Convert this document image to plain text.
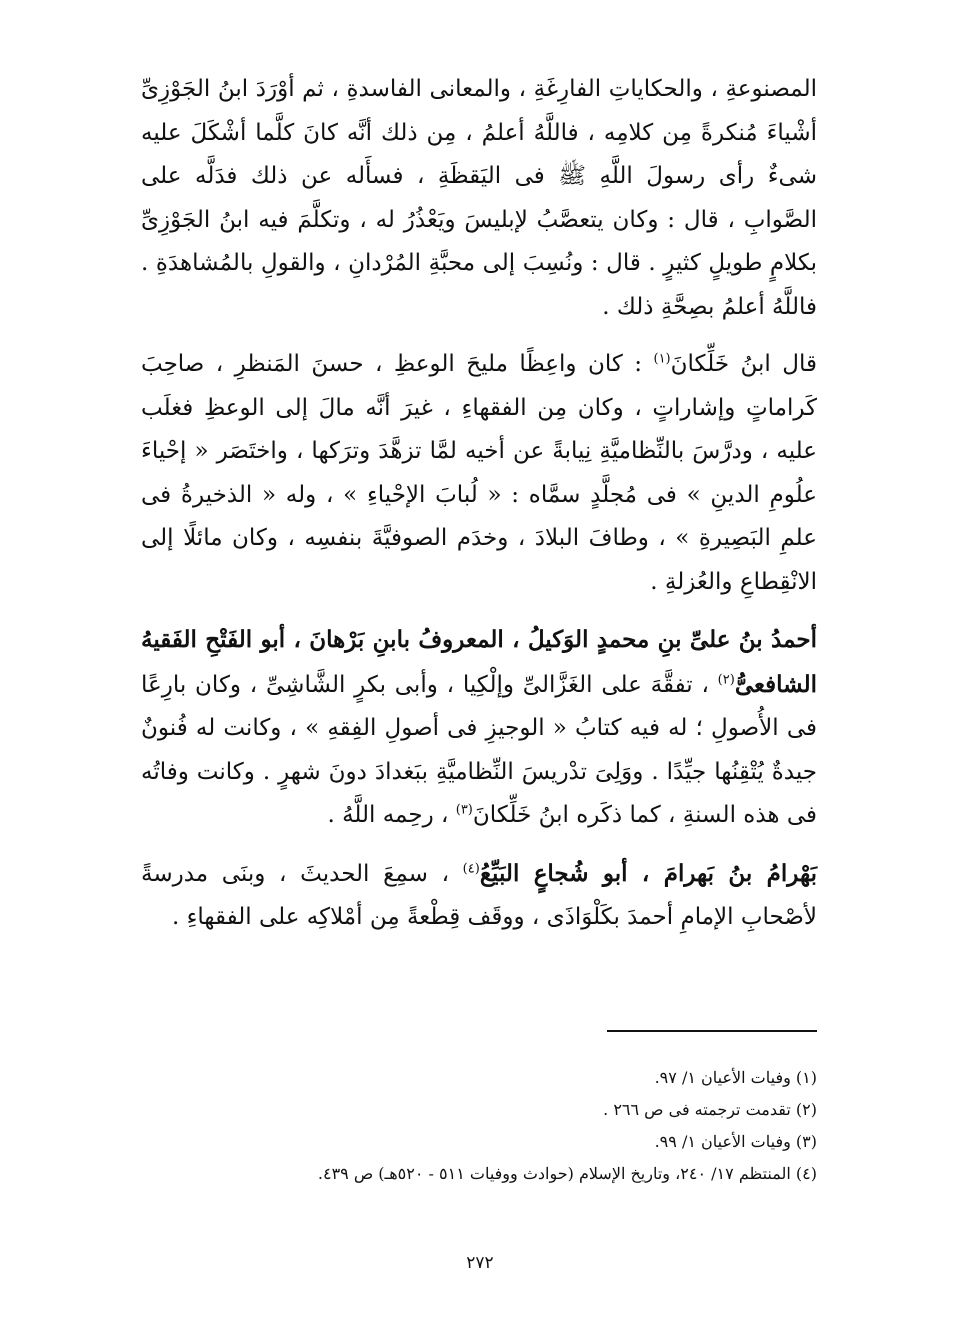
المصنوعةِ ، والحكاياتِ الفارِغَةِ ، والمعانى الفاسدةِ ، ثم أوْرَدَ ابنُ الجَوْزِىِّ أشْياءَ مُنكرةً مِن كلامِه ، فاللَّهُ أعلمُ ، مِن ذلك أنَّه كانَ كلَّما أشْكَلَ عليه شىءٌ رأى رسولَ اللَّهِ ﷺ فى اليَقظَةِ ، فسأَله عن ذلك فدَلَّه على الصَّوابِ ، قال : وكان يتعصَّبُ لإبليسَ ويَعْذُرُ له ، وتكلَّمَ فيه ابنُ الجَوْزِىِّ بكلامٍ طويلٍ كثيرٍ . قال : ونُسِبَ إلى محبَّةِ المُرْدانِ ، والقولِ بالمُشاهدَةِ . فاللَّهُ أعلمُ بصِحَّةِ ذلك .

قال ابنُ خَلِّكانَ$^{(١)}$ : كان واعِظًا مليحَ الوعظِ ، حسنَ المَنظرِ ، صاحِبَ كَراماتٍ وإشاراتٍ ، وكان مِن الفقهاءِ ، غيرَ أنَّه مالَ إلى الوعظِ فغلَب عليه ، ودرَّسَ بالنِّظاميَّةِ نِيابةً عن أخيه لمَّا تزهَّدَ وترَكها ، واختَصَر « إحْياءَ علُومِ الدينِ » فى مُجلَّدٍ سمَّاه : « لُبابَ الإحْياءِ » ، وله « الذخيرةُ فى علمِ البَصِيرةِ » ، وطافَ البلادَ ، وخدَم الصوفيَّةَ بنفسِه ، وكان مائلًا إلى الانْقِطاعِ والعُزلةِ .

أحمدُ بنُ علىِّ بنِ محمدٍ الوَكيلُ ، المعروفُ بابنِ بَرْهانَ ، أبو الفَتْحِ الفَقيهُ الشافعىُّ$^{(٢)}$ ، تفقَّهَ على الغَزَّالىِّ وإلْكِيا ، وأبى بكرٍ الشَّاشِىِّ ، وكان بارِعًا فى الأُصولِ ؛ له فيه كتابُ « الوجيزِ فى أصولِ الفِقهِ » ، وكانت له فُنونٌ جيدةٌ يُتْقِنُها جيِّدًا . ووَلِىَ تدْريسَ النِّظاميَّةِ ببَغدادَ دونَ شهرٍ . وكانت وفاتُه فى هذه السنةِ ، كما ذكَره ابنُ خَلِّكانَ$^{(٣)}$ ، رحِمه اللَّهُ .

بَهْرامُ بنُ بَهرامَ ، أبو شُجاعٍ البَيِّعُ$^{(٤)}$ ، سمِعَ الحديثَ ، وبنَى مدرسةً لأصْحابِ الإمامِ أحمدَ بكَلْوَاذَى ، ووقَف قِطْعةً مِن أمْلاكِه على الفقهاءِ .

(١) وفيات الأعيان ١/ ٩٧.

(٢) تقدمت ترجمته فى ص ٢٦٦ .

(٣) وفيات الأعيان ١/ ٩٩.

(٤) المنتظم ١٧/ ٢٤٠، وتاريخ الإسلام (حوادث ووفيات ٥١١ - ٥٢٠هـ) ص ٤٣٩.

٢٧٢
